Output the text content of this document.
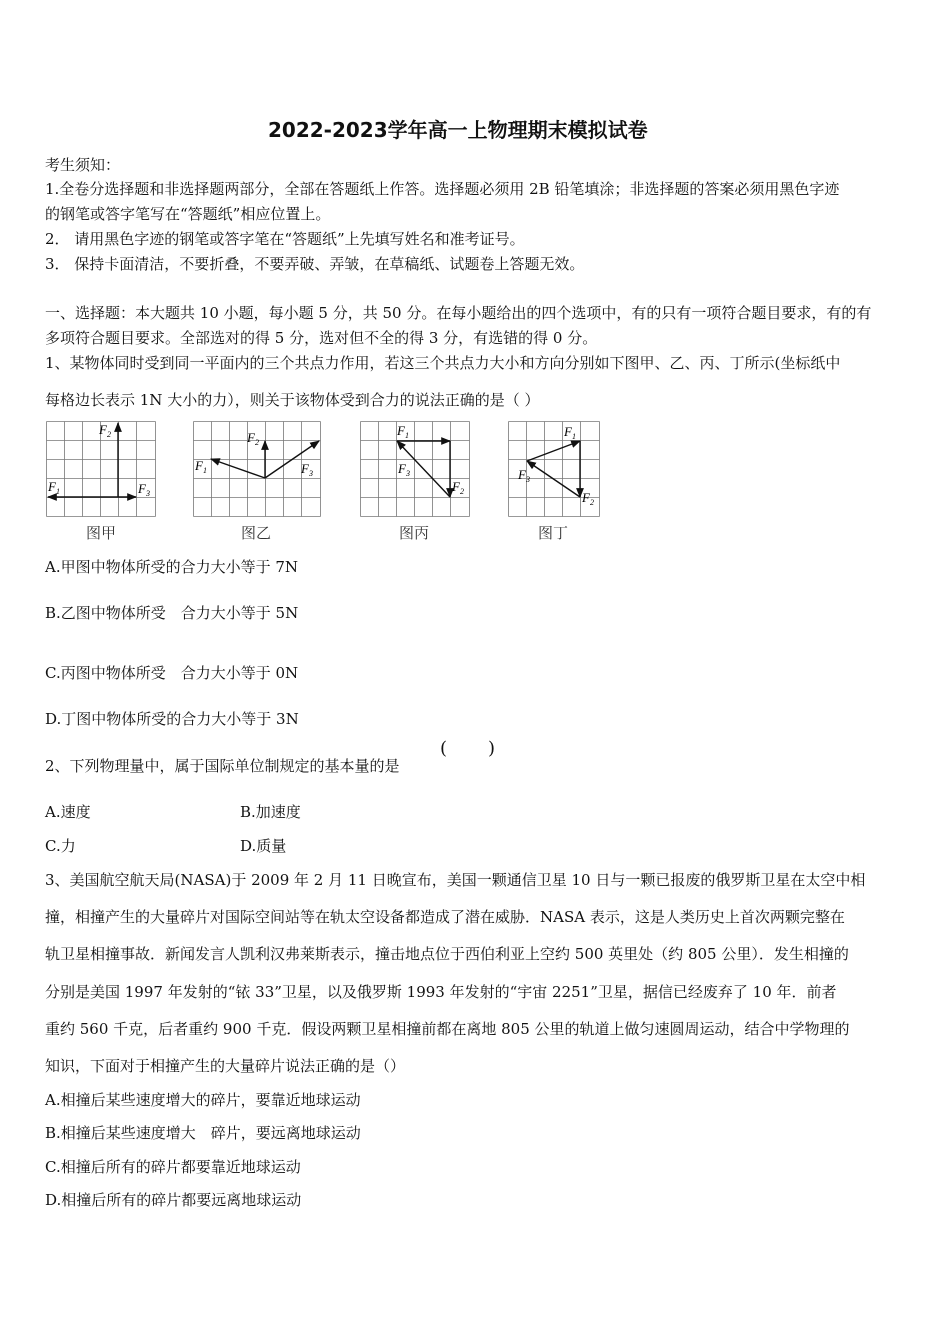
2022-2023学年高一上物理期末模拟试卷
考生须知：
1.全卷分选择题和非选择题两部分，全部在答题纸上作答。选择题必须用 2B 铅笔填涂；非选择题的答案必须用黑色字迹
的钢笔或答字笔写在“答题纸”相应位置上。
2． 请用黑色字迹的钢笔或答字笔在“答题纸”上先填写姓名和准考证号。
3． 保持卡面清洁，不要折叠，不要弄破、弄皱，在草稿纸、试题卷上答题无效。
一、选择题：本大题共 10 小题，每小题 5 分，共 50 分。在每小题给出的四个选项中，有的只有一项符合题目要求，有的有
多项符合题目要求。全部选对的得 5 分，选对但不全的得 3 分，有选错的得 0 分。
1、某物体同时受到同一平面内的三个共点力作用，若这三个共点力大小和方向分别如下图甲、乙、丙、丁所示(坐标纸中
每格边长表示 1N 大小的力），则关于该物体受到合力的说法正确的是（ ）
$F_1$
$F_2$
$F_3$
图甲
$F_1$
$F_2$
$F_3$
图乙
$F_1$
$F_2$
$F_3$
图丙
$F_1$
$F_2$
$F_3$
图丁
A.甲图中物体所受的合力大小等于 7N
B.乙图中物体所受　合力大小等于 5N
C.丙图中物体所受　合力大小等于 0N
D.丁图中物体所受的合力大小等于 3N
2、下列物理量中，属于国际单位制规定的基本量的是
( )
A.速度	B.加速度
C.力	D.质量
3、美国航空航天局(NASA)于 2009 年 2 月 11 日晚宣布，美国一颗通信卫星 10 日与一颗已报废的俄罗斯卫星在太空中相
撞，相撞产生的大量碎片对国际空间站等在轨太空设备都造成了潜在威胁．NASA 表示，这是人类历史上首次两颗完整在
轨卫星相撞事故．新闻发言人凯利汉弗莱斯表示，撞击地点位于西伯利亚上空约 500 英里处（约 805 公里）．发生相撞的
分别是美国 1997 年发射的“铱 33”卫星，以及俄罗斯 1993 年发射的“宇宙 2251”卫星，据信已经废弃了 10 年．前者
重约 560 千克，后者重约 900 千克．假设两颗卫星相撞前都在离地 805 公里的轨道上做匀速圆周运动，结合中学物理的
知识，下面对于相撞产生的大量碎片说法正确的是（）
A.相撞后某些速度增大的碎片，要靠近地球运动
B.相撞后某些速度增大　碎片，要远离地球运动
C.相撞后所有的碎片都要靠近地球运动
D.相撞后所有的碎片都要远离地球运动
